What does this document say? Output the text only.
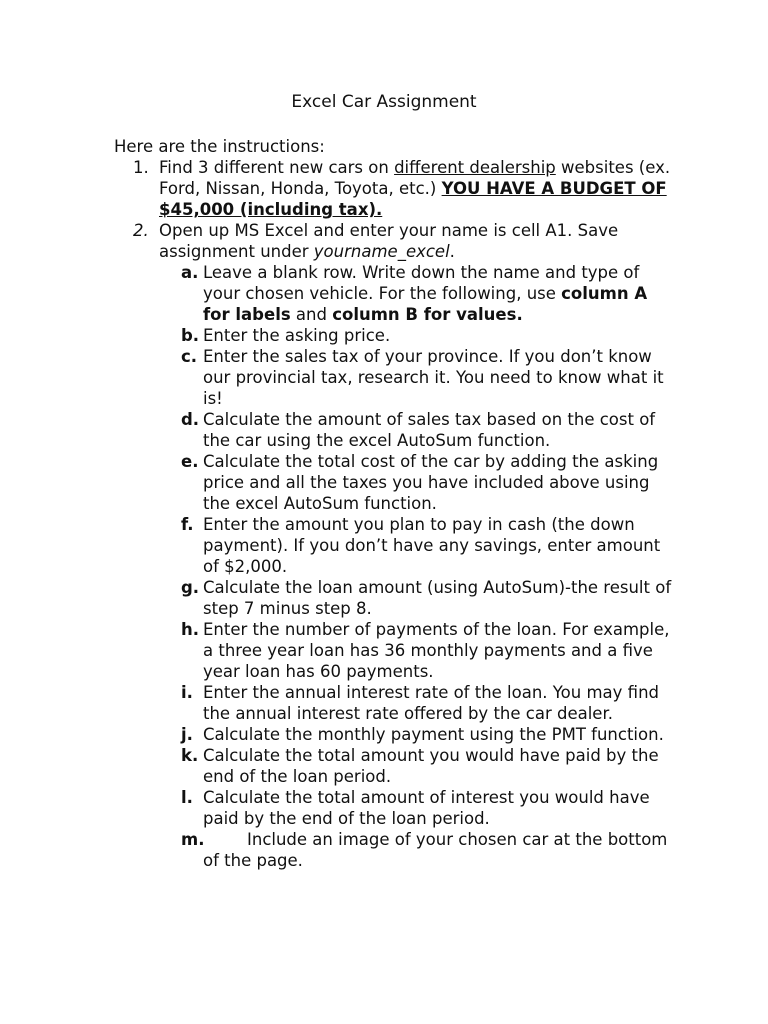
Excel Car Assignment
Here are the instructions:
1. Find 3 different new cars on different dealership websites (ex. Ford, Nissan, Honda, Toyota, etc.) YOU HAVE A BUDGET OF $45,000 (including tax).
2. Open up MS Excel and enter your name is cell A1. Save assignment under yourname_excel.
a. Leave a blank row. Write down the name and type of your chosen vehicle. For the following, use column A for labels and column B for values.
b. Enter the asking price.
c. Enter the sales tax of your province. If you don’t know our provincial tax, research it. You need to know what it is!
d. Calculate the amount of sales tax based on the cost of the car using the excel AutoSum function.
e. Calculate the total cost of the car by adding the asking price and all the taxes you have included above using the excel AutoSum function.
f. Enter the amount you plan to pay in cash (the down payment). If you don’t have any savings, enter amount of $2,000.
g. Calculate the loan amount (using AutoSum)-the result of step 7 minus step 8.
h. Enter the number of payments of the loan. For example, a three year loan has 36 monthly payments and a five year loan has 60 payments.
i. Enter the annual interest rate of the loan. You may find the annual interest rate offered by the car dealer.
j. Calculate the monthly payment using the PMT function.
k. Calculate the total amount you would have paid by the end of the loan period.
l. Calculate the total amount of interest you would have paid by the end of the loan period.
m.	Include an image of your chosen car at the bottom of the page.
